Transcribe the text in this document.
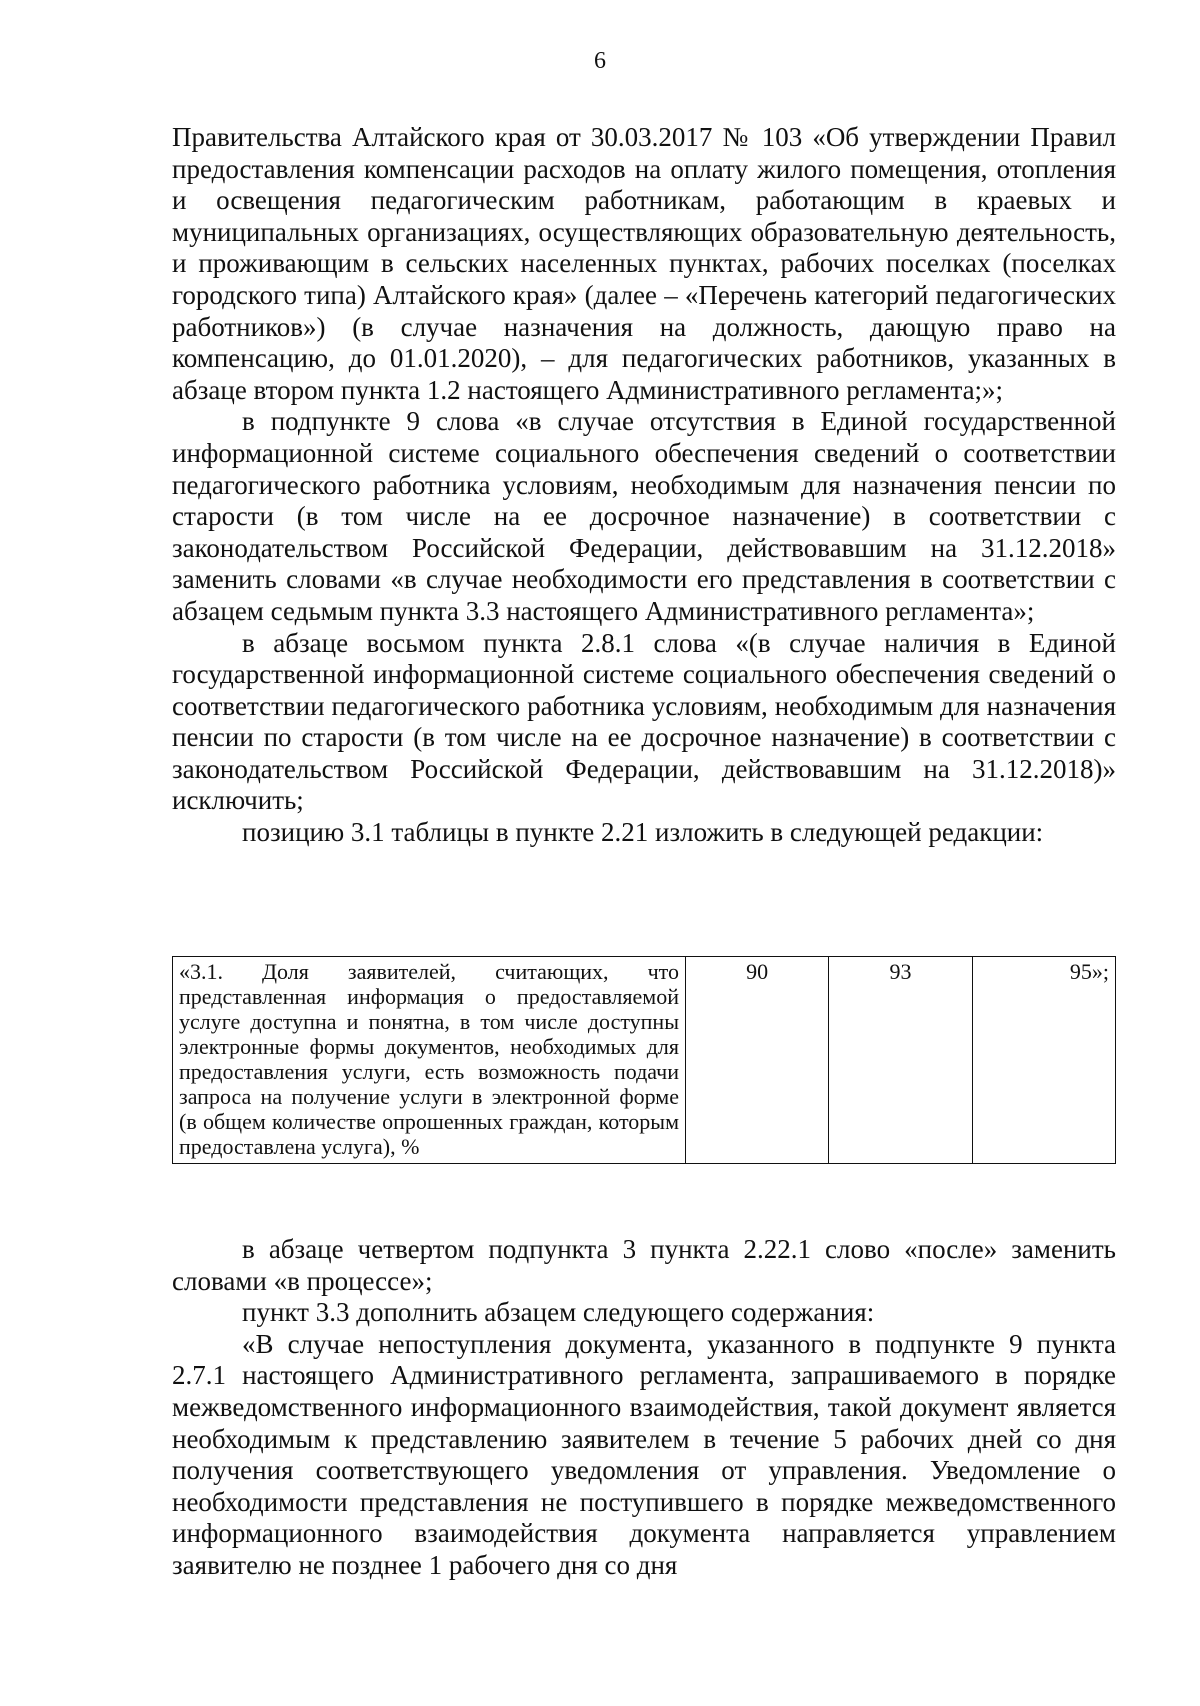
6

Правительства Алтайского края от 30.03.2017 № 103 «Об утверждении Правил предоставления компенсации расходов на оплату жилого помещения, отопления и освещения педагогическим работникам, работающим в краевых и муниципальных организациях, осуществляющих образовательную деятельность, и проживающим в сельских населенных пунктах, рабочих поселках (поселках городского типа) Алтайского края» (далее – «Перечень категорий педагогических работников») (в случае назначения на должность, дающую право на компенсацию, до 01.01.2020), – для педагогических работников, указанных в абзаце втором пункта 1.2 настоящего Административного регламента;»;

в подпункте 9 слова «в случае отсутствия в Единой государственной информационной системе социального обеспечения сведений о соответствии педагогического работника условиям, необходимым для назначения пенсии по старости (в том числе на ее досрочное назначение) в соответствии с законодательством Российской Федерации, действовавшим на 31.12.2018» заменить словами «в случае необходимости его представления в соответствии с абзацем седьмым пункта 3.3 настоящего Административного регламента»;

в абзаце восьмом пункта 2.8.1 слова «(в случае наличия в Единой государственной информационной системе социального обеспечения сведений о соответствии педагогического работника условиям, необходимым для назначения пенсии по старости (в том числе на ее досрочное назначение) в соответствии с законодательством Российской Федерации, действовавшим на 31.12.2018)» исключить;

позицию 3.1 таблицы в пункте 2.21 изложить в следующей редакции:

«3.1. Доля заявителей, считающих, что представленная информация о предоставляемой услуге доступна и понятна, в том числе доступны электронные формы документов, необходимых для предоставления услуги, есть возможность подачи запроса на получение услуги в электронной форме (в общем количестве опрошенных граждан, которым предоставлена услуга), %	90	93	95»;

в абзаце четвертом подпункта 3 пункта 2.22.1 слово «после» заменить словами «в процессе»;

пункт 3.3 дополнить абзацем следующего содержания:

«В случае непоступления документа, указанного в подпункте 9 пункта 2.7.1 настоящего Административного регламента, запрашиваемого в порядке межведомственного информационного взаимодействия, такой документ является необходимым к представлению заявителем в течение 5 рабочих дней со дня получения соответствующего уведомления от управления. Уведомление о необходимости представления не поступившего в порядке межведомственного информационного взаимодействия документа направляется управлением заявителю не позднее 1 рабочего дня со дня
